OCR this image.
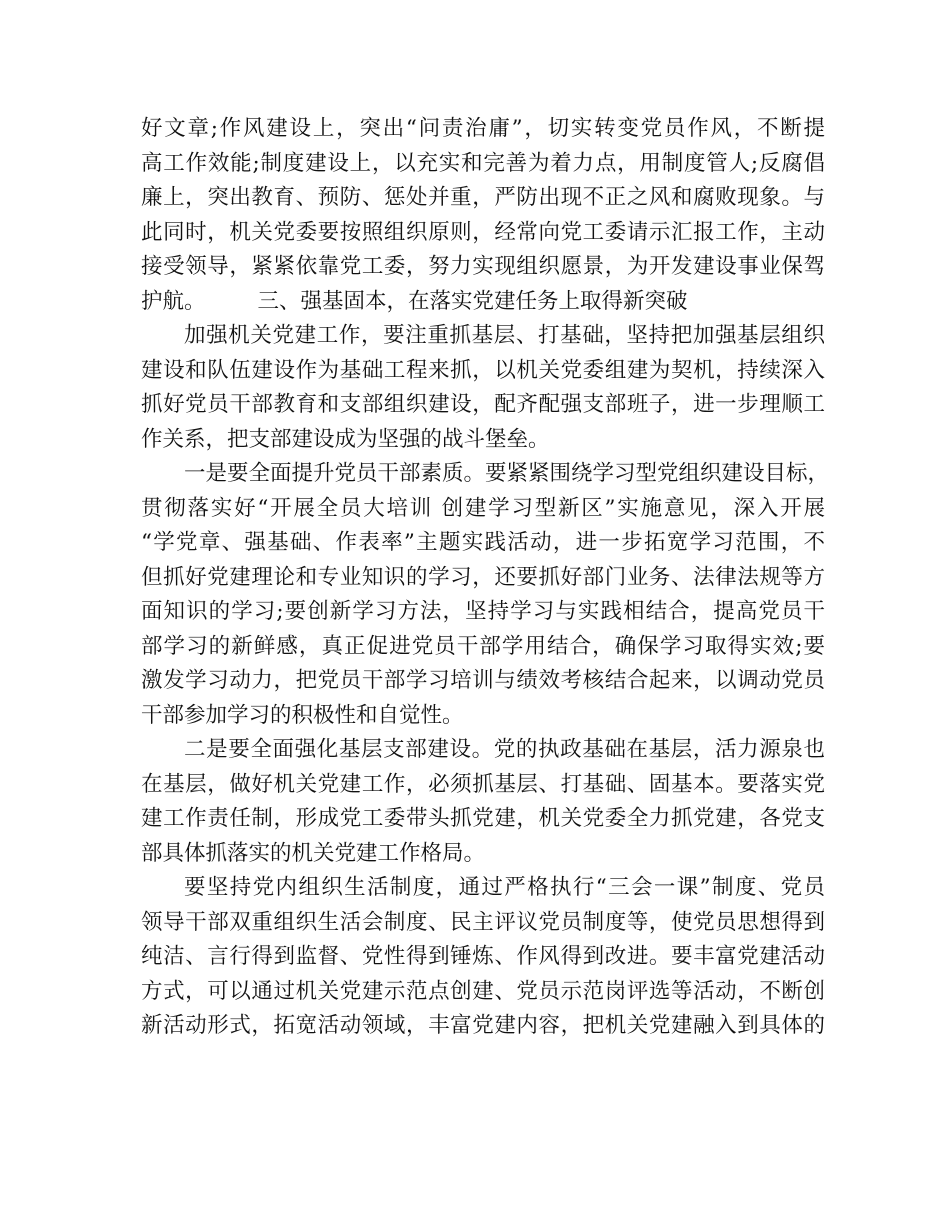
好文章;作风建设上，突出“问责治庸”，切实转变党员作风，不断提
高工作效能;制度建设上，以充实和完善为着力点，用制度管人;反腐倡
廉上，突出教育、预防、惩处并重，严防出现不正之风和腐败现象。与
此同时，机关党委要按照组织原则，经常向党工委请示汇报工作，主动
接受领导，紧紧依靠党工委，努力实现组织愿景，为开发建设事业保驾
护航。 三、强基固本，在落实党建任务上取得新突破
加强机关党建工作，要注重抓基层、打基础，坚持把加强基层组织
建设和队伍建设作为基础工程来抓，以机关党委组建为契机，持续深入
抓好党员干部教育和支部组织建设，配齐配强支部班子，进一步理顺工
作关系，把支部建设成为坚强的战斗堡垒。
一是要全面提升党员干部素质。要紧紧围绕学习型党组织建设目标，
贯彻落实好“开展全员大培训 创建学习型新区”实施意见，深入开展
“学党章、强基础、作表率”主题实践活动，进一步拓宽学习范围，不
但抓好党建理论和专业知识的学习，还要抓好部门业务、法律法规等方
面知识的学习;要创新学习方法，坚持学习与实践相结合，提高党员干
部学习的新鲜感，真正促进党员干部学用结合，确保学习取得实效;要
激发学习动力，把党员干部学习培训与绩效考核结合起来，以调动党员
干部参加学习的积极性和自觉性。
二是要全面强化基层支部建设。党的执政基础在基层，活力源泉也
在基层，做好机关党建工作，必须抓基层、打基础、固基本。要落实党
建工作责任制，形成党工委带头抓党建，机关党委全力抓党建，各党支
部具体抓落实的机关党建工作格局。
要坚持党内组织生活制度，通过严格执行“三会一课”制度、党员
领导干部双重组织生活会制度、民主评议党员制度等，使党员思想得到
纯洁、言行得到监督、党性得到锤炼、作风得到改进。要丰富党建活动
方式，可以通过机关党建示范点创建、党员示范岗评选等活动，不断创
新活动形式，拓宽活动领域，丰富党建内容，把机关党建融入到具体的
